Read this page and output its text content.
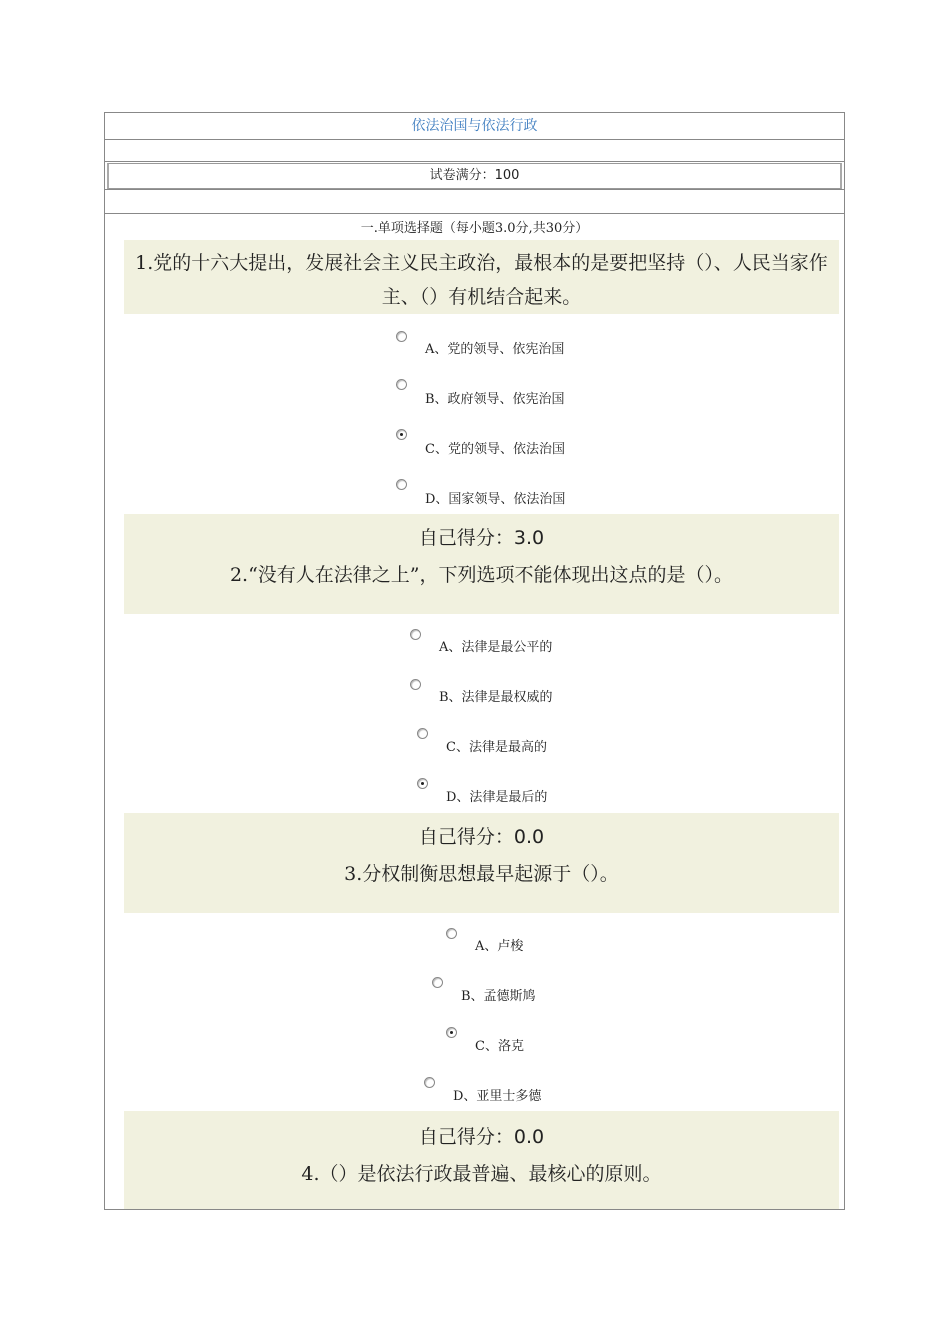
依法治国与依法行政
试卷满分：100
一.单项选择题（每小题3.0分,共30分）
1.党的十六大提出，发展社会主义民主政治，最根本的是要把坚持（）、人民当家作主、（）有机结合起来。
A、党的领导、依宪治国
B、政府领导、依宪治国
C、党的领导、依法治国
D、国家领导、依法治国
自己得分：3.0
2.“没有人在法律之上”，下列选项不能体现出这点的是（）。
A、法律是最公平的
B、法律是最权威的
C、法律是最高的
D、法律是最后的
自己得分：0.0
3.分权制衡思想最早起源于（）。
A、卢梭
B、孟德斯鸠
C、洛克
D、亚里士多德
自己得分：0.0
4.（）是依法行政最普遍、最核心的原则。
